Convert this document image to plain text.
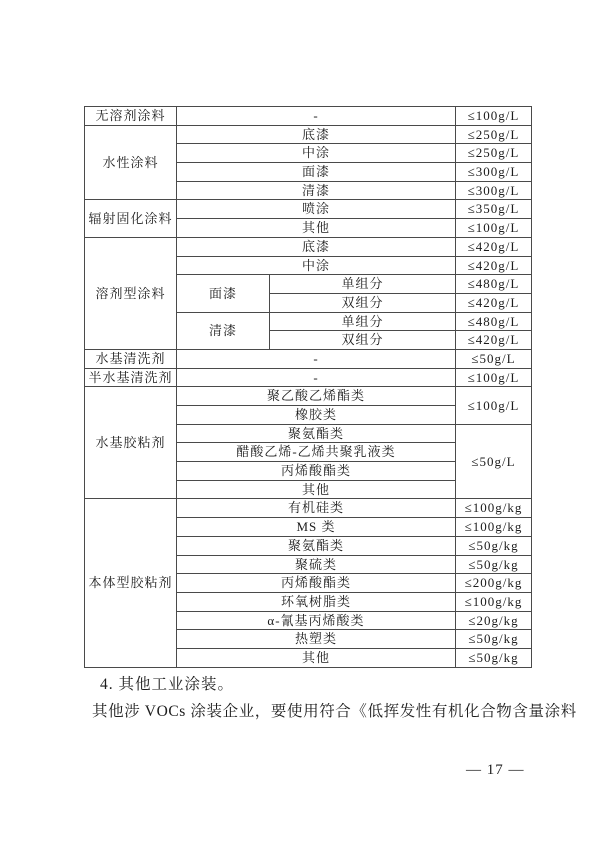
无溶剂涂料	-		≤100g/L
水性涂料	底漆		≤250g/L
	中涂		≤250g/L
	面漆		≤300g/L
	清漆		≤300g/L
辐射固化涂料	喷涂		≤350g/L
	其他		≤100g/L
溶剂型涂料	底漆		≤420g/L
	中涂		≤420g/L
	面漆	单组分	≤480g/L
		双组分	≤420g/L
	清漆	单组分	≤480g/L
		双组分	≤420g/L
水基清洗剂	-		≤50g/L
半水基清洗剂	-		≤100g/L
水基胶粘剂	聚乙酸乙烯酯类		≤100g/L
	橡胶类		
	聚氨酯类		≤50g/L
	醋酸乙烯-乙烯共聚乳液类		
	丙烯酸酯类		
	其他		
本体型胶粘剂	有机硅类		≤100g/kg
	MS 类		≤100g/kg
	聚氨酯类		≤50g/kg
	聚硫类		≤50g/kg
	丙烯酸酯类		≤200g/kg
	环氧树脂类		≤100g/kg
	α-氰基丙烯酸类		≤20g/kg
	热塑类		≤50g/kg
	其他		≤50g/kg
4. 其他工业涂装。
其他涉 VOCs 涂装企业，要使用符合《低挥发性有机化合物含量涂料
— 17 —
